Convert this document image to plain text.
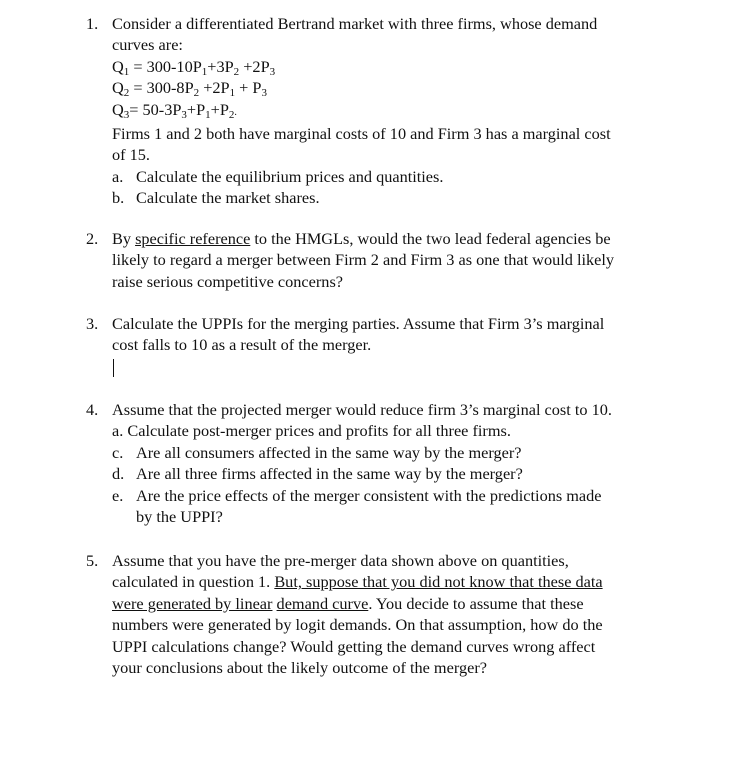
1. Consider a differentiated Bertrand market with three firms, whose demand
curves are:
$Q_1 = 300-10P_1+3P_2 +2P_3$
$Q_2 = 300-8P_2 +2P_1 + P_3$
$Q_3= 50-3P_3+P_1+P_2$.
Firms 1 and 2 both have marginal costs of 10 and Firm 3 has a marginal cost
of 15.
a. Calculate the equilibrium prices and quantities.
b. Calculate the market shares.
2. By specific reference to the HMGLs, would the two lead federal agencies be
likely to regard a merger between Firm 2 and Firm 3 as one that would likely
raise serious competitive concerns?
3. Calculate the UPPIs for the merging parties. Assume that Firm 3’s marginal
cost falls to 10 as a result of the merger.
4. Assume that the projected merger would reduce firm 3’s marginal cost to 10.
a. Calculate post-merger prices and profits for all three firms.
c. Are all consumers affected in the same way by the merger?
d. Are all three firms affected in the same way by the merger?
e. Are the price effects of the merger consistent with the predictions made
by the UPPI?
5. Assume that you have the pre-merger data shown above on quantities,
calculated in question 1. But, suppose that you did not know that these data
were generated by linear demand curve. You decide to assume that these
numbers were generated by logit demands. On that assumption, how do the
UPPI calculations change? Would getting the demand curves wrong affect
your conclusions about the likely outcome of the merger?
